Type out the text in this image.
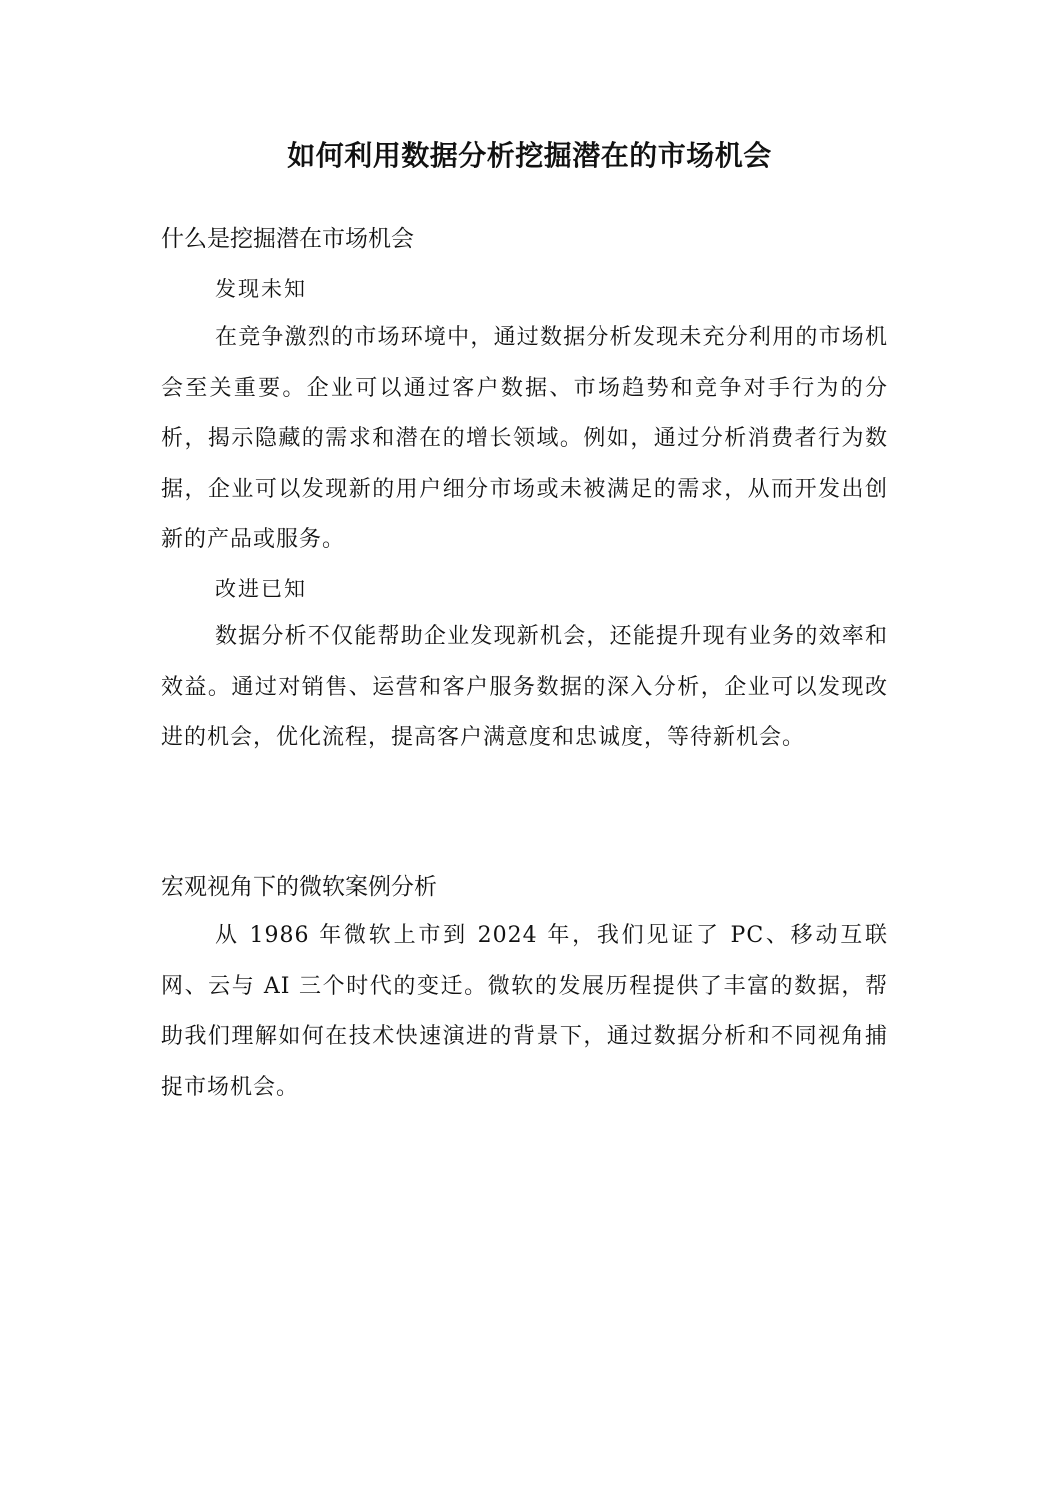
如何利用数据分析挖掘潜在的市场机会
什么是挖掘潜在市场机会
发现未知

在竞争激烈的市场环境中，通过数据分析发现未充分利用的市场机会至关重要。企业可以通过客户数据、市场趋势和竞争对手行为的分析，揭示隐藏的需求和潜在的增长领域。例如，通过分析消费者行为数据，企业可以发现新的用户细分市场或未被满足的需求，从而开发出创新的产品或服务。

改进已知

数据分析不仅能帮助企业发现新机会，还能提升现有业务的效率和效益。通过对销售、运营和客户服务数据的深入分析，企业可以发现改进的机会，优化流程，提高客户满意度和忠诚度，等待新机会。

宏观视角下的微软案例分析

从 1986 年微软上市到 2024 年，我们见证了 PC、移动互联网、云与 AI 三个时代的变迁。微软的发展历程提供了丰富的数据，帮助我们理解如何在技术快速演进的背景下，通过数据分析和不同视角捕捉市场机会。
